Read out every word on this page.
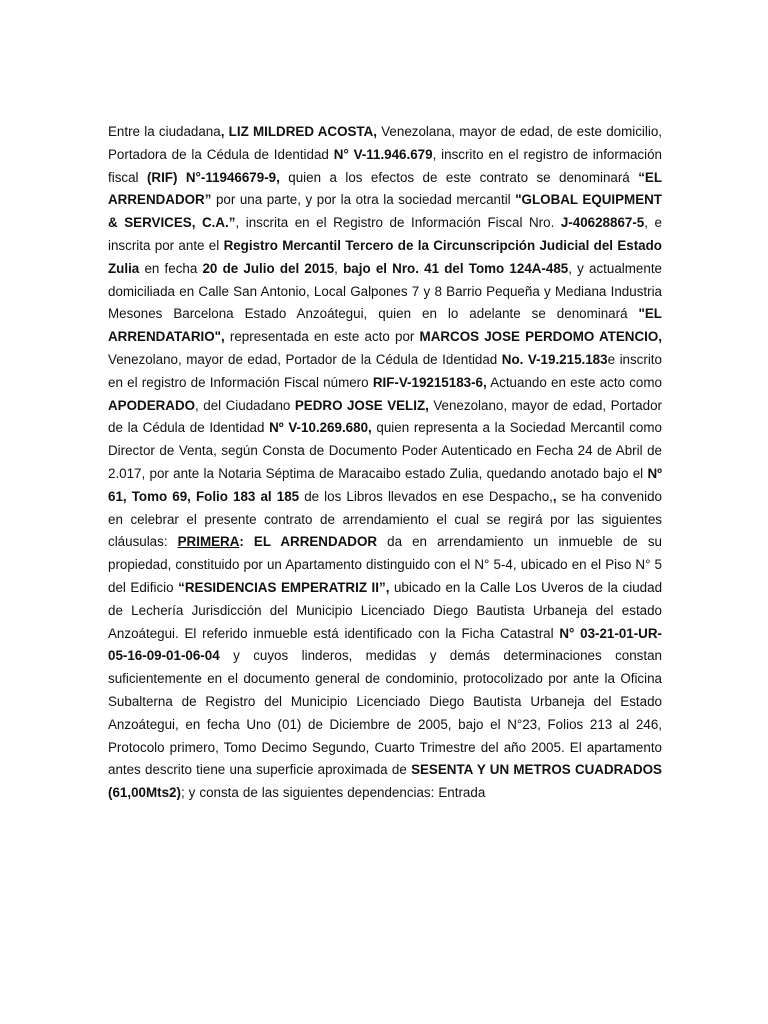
Entre la ciudadana, LIZ MILDRED ACOSTA, Venezolana, mayor de edad, de este domicilio, Portadora de la Cédula de Identidad N° V-11.946.679, inscrito en el registro de información fiscal (RIF) N°-11946679-9, quien a los efectos de este contrato se denominará “EL ARRENDADOR” por una parte, y por la otra la sociedad mercantil "GLOBAL EQUIPMENT & SERVICES, C.A.”, inscrita en el Registro de Información Fiscal Nro. J-40628867-5, e inscrita por ante el Registro Mercantil Tercero de la Circunscripción Judicial del Estado Zulia en fecha 20 de Julio del 2015, bajo el Nro. 41 del Tomo 124A-485, y actualmente domiciliada en Calle San Antonio, Local Galpones 7 y 8 Barrio Pequeña y Mediana Industria Mesones Barcelona Estado Anzoátegui, quien en lo adelante se denominará "EL ARRENDATARIO", representada en este acto por MARCOS JOSE PERDOMO ATENCIO, Venezolano, mayor de edad, Portador de la Cédula de Identidad No. V-19.215.183e inscrito en el registro de Información Fiscal número RIF-V-19215183-6, Actuando en este acto como APODERADO, del Ciudadano PEDRO JOSE VELIZ, Venezolano, mayor de edad, Portador de la Cédula de Identidad Nº V-10.269.680, quien representa a la Sociedad Mercantil como Director de Venta, según Consta de Documento Poder Autenticado en Fecha 24 de Abril de 2.017, por ante la Notaria Séptima de Maracaibo estado Zulia, quedando anotado bajo el Nº 61, Tomo 69, Folio 183 al 185 de los Libros llevados en ese Despacho,, se ha convenido en celebrar el presente contrato de arrendamiento el cual se regirá por las siguientes cláusulas: PRIMERA: EL ARRENDADOR da en arrendamiento un inmueble de su propiedad, constituido por un Apartamento distinguido con el N° 5-4, ubicado en el Piso N° 5 del Edificio “RESIDENCIAS EMPERATRIZ II”, ubicado en la Calle Los Uveros de la ciudad de Lechería Jurisdicción del Municipio Licenciado Diego Bautista Urbaneja del estado Anzoátegui. El referido inmueble está identificado con la Ficha Catastral N° 03-21-01-UR-05-16-09-01-06-04 y cuyos linderos, medidas y demás determinaciones constan suficientemente en el documento general de condominio, protocolizado por ante la Oficina Subalterna de Registro del Municipio Licenciado Diego Bautista Urbaneja del Estado Anzoátegui, en fecha Uno (01) de Diciembre de 2005, bajo el N°23, Folios 213 al 246, Protocolo primero, Tomo Decimo Segundo, Cuarto Trimestre del año 2005. El apartamento antes descrito tiene una superficie aproximada de SESENTA Y UN METROS CUADRADOS (61,00Mts2); y consta de las siguientes dependencias: Entrada
